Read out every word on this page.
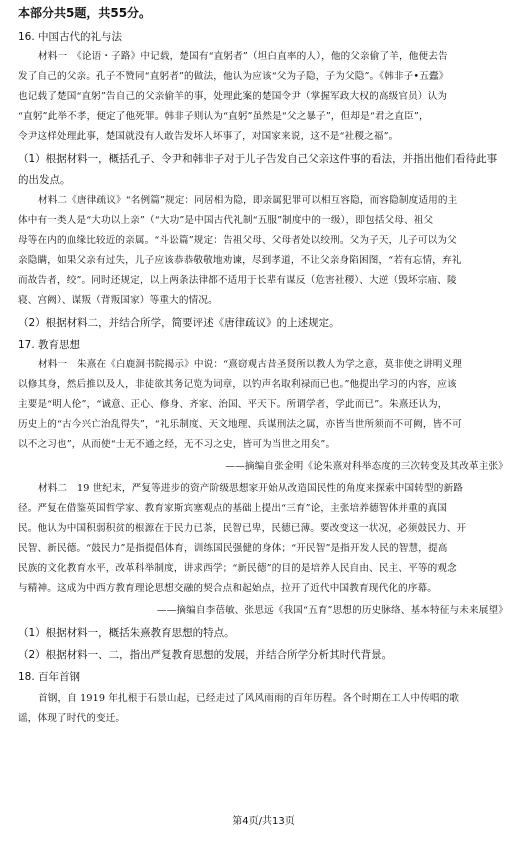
本部分共5题，共55分。
16. 中国古代的礼与法
材料一　《论语・子路》中记载，楚国有“直躬者”（坦白直率的人），他的父亲偷了羊，他便去告
发了自己的父亲。孔子不赞同“直躬者”的做法，他认为应该“父为子隐，子为父隐”。《韩非子•五蠹》
也记载了楚国“直躬”告自己的父亲偷羊的事，处理此案的楚国令尹（掌握军政大权的高级官员）认为
“直躬”此举不孝，便定了他死罪。韩非子则认为“直躬”虽然是“父之暴子”，但却是“君之直臣”，
令尹这样处理此事，楚国就没有人敢告发坏人坏事了，对国家来说，这不是“社稷之福”。
（1）根据材料一，概括孔子、令尹和韩非子对于儿子告发自己父亲这件事的看法，并指出他们看待此事
的出发点。
材料二《唐律疏议》“名例篇”规定：同居相为隐，即亲属犯罪可以相互容隐，而容隐制度适用的主
体中有一类人是“大功以上亲”（“大功”是中国古代礼制“五服”制度中的一级），即包括父母、祖父
母等在内的血缘比较近的亲属。“斗讼篇”规定：告祖父母、父母者处以绞刑。父为子天，儿子可以为父
亲隐瞒，如果父亲有过失，儿子应该恭恭敬敬地劝谏，尽到孝道，不让父亲身陷困图，“若有忘情，弃礼
而故告者，绞”。同时还规定，以上两条法律都不适用于长辈有谋反（危害社稷）、大逆（毁坏宗庙、陵
寝、宫阙）、谋叛（背叛国家）等重大的情况。
（2）根据材料二，并结合所学，简要评述《唐律疏议》的上述规定。
17. 教育思想
材料一　朱熹在《白鹿洞书院揭示》中说：“熹窃观古昔圣贤所以教人为学之意，莫非使之讲明义理
以修其身，然后推以及人，非徒欲其务记览为词章，以钓声名取利禄而已也。”他提出学习的内容，应该
主要是“明人伦”，“诚意、正心、修身、齐家、治国、平天下。所谓学者，学此而已”。朱熹还认为，
历史上的“古今兴亡治乱得失”，“礼乐制度、天文地理、兵谋刑法之属，亦皆当世所须而不可阙，皆不可
以不之习也”，从而使“士无不通之经，无不习之史，皆可为当世之用矣”。
——摘编自张金明《论朱熹对科举态度的三次转变及其改革主张》
材料二　19 世纪末，严复等进步的资产阶级思想家开始从改造国民性的角度来探索中国转型的新路
径。严复在借鉴英国哲学家、教育家斯宾塞观点的基础上提出“三育”论，主张培养德智体并重的真国
民。他认为中国积弱积贫的根源在于民力已茶，民智已卑，民德已薄。要改变这一状况，必须鼓民力、开
民智、新民德。“鼓民力”是指提倡体育，训练国民强健的身体；“开民智”是指开发人民的智慧，提高
民族的文化教育水平，改革科举制度，讲求西学；“新民德”的目的是培养人民自由、民主、平等的观念
与精神。这成为中西方教育理论思想交融的契合点和起始点，拉开了近代中国教育现代化的序幕。
——摘编自李蓓敏、张思远《我国“五育”思想的历史脉络、基本特征与未来展望》
（1）根据材料一，概括朱熹教育思想的特点。
（2）根据材料一、二，指出严复教育思想的发展，并结合所学分析其时代背景。
18. 百年首钢
首钢，自 1919 年扎根于石景山起，已经走过了风风雨雨的百年历程。各个时期在工人中传唱的歌
谣，体现了时代的变迁。
第4页/共13页
